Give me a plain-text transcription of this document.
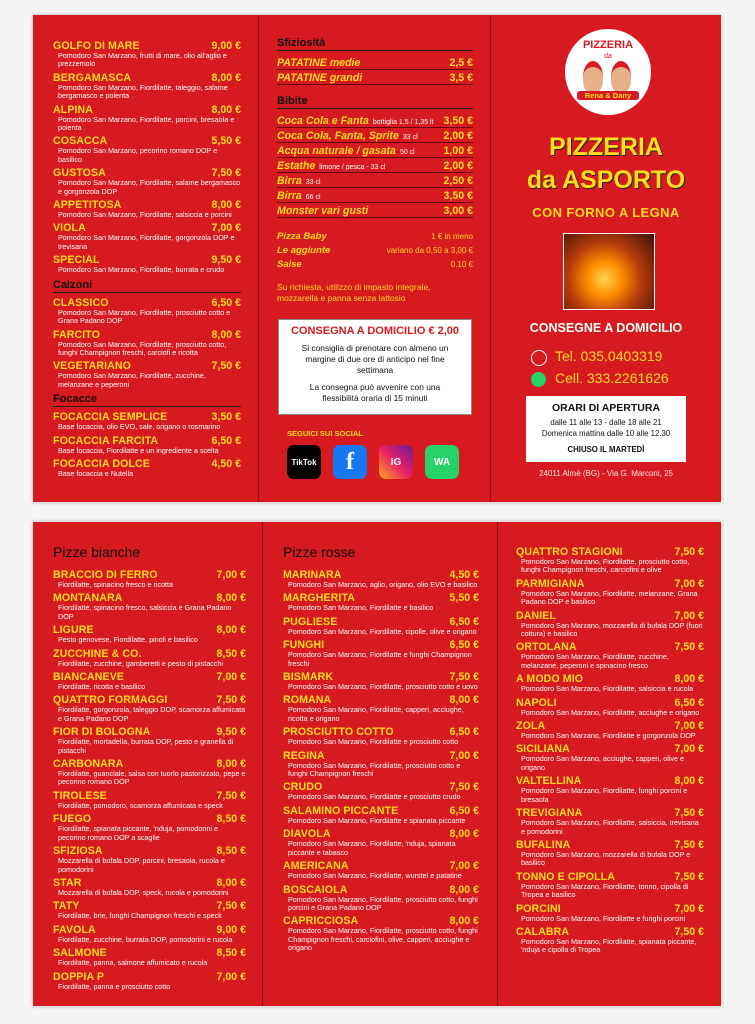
GOLFO DI MARE	9,00 €
Pomodoro San Marzano, frutti di mare, olio all'aglio e prezzemolo
BERGAMASCA	8,00 €
Pomodoro San Marzano, Fiordilatte, taleggio, salame bergamasco e polenta
ALPINA	8,00 €
Pomodoro San Marzano, Fiordilatte, porcini, bresaola e polenta
COSACCA	5,50 €
Pomodoro San Marzano, pecorino romano DOP e basilico
GUSTOSA	7,50 €
Pomodoro San Marzano, Fiordilatte, salame bergamasco e gorgonzola DOP
APPETITOSA	8,00 €
Pomodoro San Marzano, Fiordilatte, salsiccia e porcini
VIOLA	7,00 €
Pomodoro San Marzano, Fiordilatte, gorgonzola DOP e trevisana
SPECIAL	9,50 €
Pomodoro San Marzano, Fiordilatte, burrata e crudo
Calzoni
CLASSICO	6,50 €
Pomodoro San Marzano, Fiordilatte, prosciutto cotto e Grana Padano DOP
FARCITO	8,00 €
Pomodoro San Marzano, Fiordilatte, prosciutto cotto, funghi Champignon freschi, carciofi e ricotta
VEGETARIANO	7,50 €
Pomodoro San Marzano, Fiordilatte, zucchine, melanzane e peperoni
Focacce
FOCACCIA SEMPLICE	3,50 €
Base focaccia, olio EVO, sale, origano o rosmarino
FOCACCIA FARCITA	6,50 €
Base focaccia, Fiordilatte e un ingrediente a scelta
FOCACCIA DOLCE	4,50 €
Base focaccia e Nutella
Sfiziosità
PATATINE medie	2,5 €
PATATINE grandi	3,5 €
Bibite
Coca Cola e Fanta bottiglia 1,5 / 1,35 lt 3,50 €
Coca Cola, Fanta, Sprite 33 cl 2,00 €
Acqua naturale / gasata 50 cl	1,00 €
Estathe limone / pesca - 33 cl	2,00 €
Birra 33 cl	2,50 €
Birra 66 cl	3,50 €
Monster vari gusti	3,00 €
Pizza Baby	1 € in meno
Le aggiunte	variano da 0,50 a 3,00 €
Salse	0,10 €
Su richiesta, utilizzo di impasto integrale, mozzarella e panna senza lattosio
CONSEGNA A DOMICILIO € 2,00
Si consiglia di prenotare con almeno un margine di due ore di anticipo nel fine settimana
La consegna può avvenire con una flessibilità oraria di 15 minuti
SEGUICI SUI SOCIAL
TikTok	f	IG	WA
PIZZERIA
da
Rena & Dany
PIZZERIA
da ASPORTO
CON FORNO A LEGNA
CONSEGNE A DOMICILIO
Tel. 035.0403319
Cell. 333.2261626
ORARI DI APERTURA
dalle 11 alle 13 - dalle 18 alle 21
Domenica mattina dalle 10 alle 12.30
CHIUSO IL MARTEDÌ
24011 Almè (BG) - Via G. Marconi, 25
Pizze bianche
BRACCIO DI FERRO	7,00 €
Fiordilatte, spinacino fresco e ricotta
MONTANARA	8,00 €
Fiordilatte, spinacino fresco, salsiccia e Grana Padano DOP
LIGURE	8,00 €
Pesto genovese, Fiordilatte, pinoli e basilico
ZUCCHINE & CO.	8,50 €
Fiordilatte, zucchine, gamberetti e pesto di pistacchi
BIANCANEVE	7,00 €
Fiordilatte, ricotta e basilico
QUATTRO FORMAGGI	7,50 €
Fiordilatte, gorgonzola, taleggio DOP, scamorza affumicata e Grana Padano DOP
FIOR DI BOLOGNA	9,50 €
Fiordilatte, mortadella, burrata DOP, pesto e granella di pistacchi
CARBONARA	8,00 €
Fiordilatte, guanciale, salsa con tuorlo pastorizzato, pepe e pecorino romano DOP
TIROLESE	7,50 €
Fiordilatte, pomodoro, scamorza affumicata e speck
FUEGO	8,50 €
Fiordilatte, spianata piccante, 'nduja, pomodorini e pecorino romano DOP a scaglie
SFIZIOSA	8,50 €
Mozzarella di bufala DOP, porcini, bresaola, rucola e pomodorini
STAR	8,00 €
Mozzarella di bufala DOP, speck, rucola e pomodorini
TATY	7,50 €
Fiordilatte, brie, funghi Champignon freschi e speck
FAVOLA	9,00 €
Fiordilatte, zucchine, burrata DOP, pomodorini e rucola
SALMONE	8,50 €
Fiordilatte, panna, salmone affumicato e rucola
DOPPIA P	7,00 €
Fiordilatte, panna e prosciutto cotto
Pizze rosse
MARINARA	4,50 €
Pomodoro San Marzano, aglio, origano, olio EVO e basilico
MARGHERITA	5,50 €
Pomodoro San Marzano, Fiordilatte e basilico
PUGLIESE	6,50 €
Pomodoro San Marzano, Fiordilatte, cipolle, olive e origano
FUNGHI	6,50 €
Pomodoro San Marzano, Fiordilatte e funghi Champignon freschi
BISMARK	7,50 €
Pomodoro San Marzano, Fiordilatte, prosciutto cotto e uovo
ROMANA	8,00 €
Pomodoro San Marzano, Fiordilatte, capperi, acciughe, ricotta e origano
PROSCIUTTO COTTO	6,50 €
Pomodoro San Marzano, Fiordilatte e prosciutto cotto
REGINA	7,00 €
Pomodoro San Marzano, Fiordilatte, prosciutto cotto e funghi Champignon freschi
CRUDO	7,50 €
Pomodoro San Marzano, Fiordilatte e prosciutto crudo
SALAMINO PICCANTE	6,50 €
Pomodoro San Marzano, Fiordilatte e spianata piccante
DIAVOLA	8,00 €
Pomodoro San Marzano, Fiordilatte, 'nduja, spianata piccante e tabasco
AMERICANA	7,00 €
Pomodoro San Marzano, Fiordilatte, wurstel e patatine
BOSCAIOLA	8,00 €
Pomodoro San Marzano, Fiordilatte, prosciutto cotto, funghi porcini e Grana Padano DOP
CAPRICCIOSA	8,00 €
Pomodoro San Marzano, Fiordilatte, prosciutto cotto, funghi Champignon freschi, carciofini, olive, capperi, acciughe e origano
QUATTRO STAGIONI	7,50 €
Pomodoro San Marzano, Fiordilatte, prosciutto cotto, funghi Champignon freschi, carciofini e olive
PARMIGIANA	7,00 €
Pomodoro San Marzano, Fiordilatte, melanzane, Grana Padano DOP e basilico
DANIEL	7,00 €
Pomodoro San Marzano, mozzarella di bufala DOP (fuori cottura) e basilico
ORTOLANA	7,50 €
Pomodoro San Marzano, Fiordilatte, zucchine, melanzane, peperoni e spinacino fresco
A MODO MIO	8,00 €
Pomodoro San Marzano, Fiordilatte, salsiccia e rucola
NAPOLI	6,50 €
Pomodoro San Marzano, Fiordilatte, acciughe e origano
ZOLA	7,00 €
Pomodoro San Marzano, Fiordilatte e gorgonzola DOP
SICILIANA	7,00 €
Pomodoro San Marzano, acciughe, capperi, olive e origano
VALTELLINA	8,00 €
Pomodoro San Marzano, Fiordilatte, funghi porcini e bresaola
TREVIGIANA	7,50 €
Pomodoro San Marzano, Fiordilatte, salsiccia, trevisana e pomodorini
BUFALINA	7,50 €
Pomodoro San Marzano, mozzarella di bufala DOP e basilico
TONNO E CIPOLLA	7,50 €
Pomodoro San Marzano, Fiordilatte, tonno, cipolla di Tropea e basilico
PORCINI	7,00 €
Pomodoro San Marzano, Fiordilatte e funghi porcini
CALABRA	7,50 €
Pomodoro San Marzano, Fiordilatte, spianata piccante, 'nduja e cipolla di Tropea
